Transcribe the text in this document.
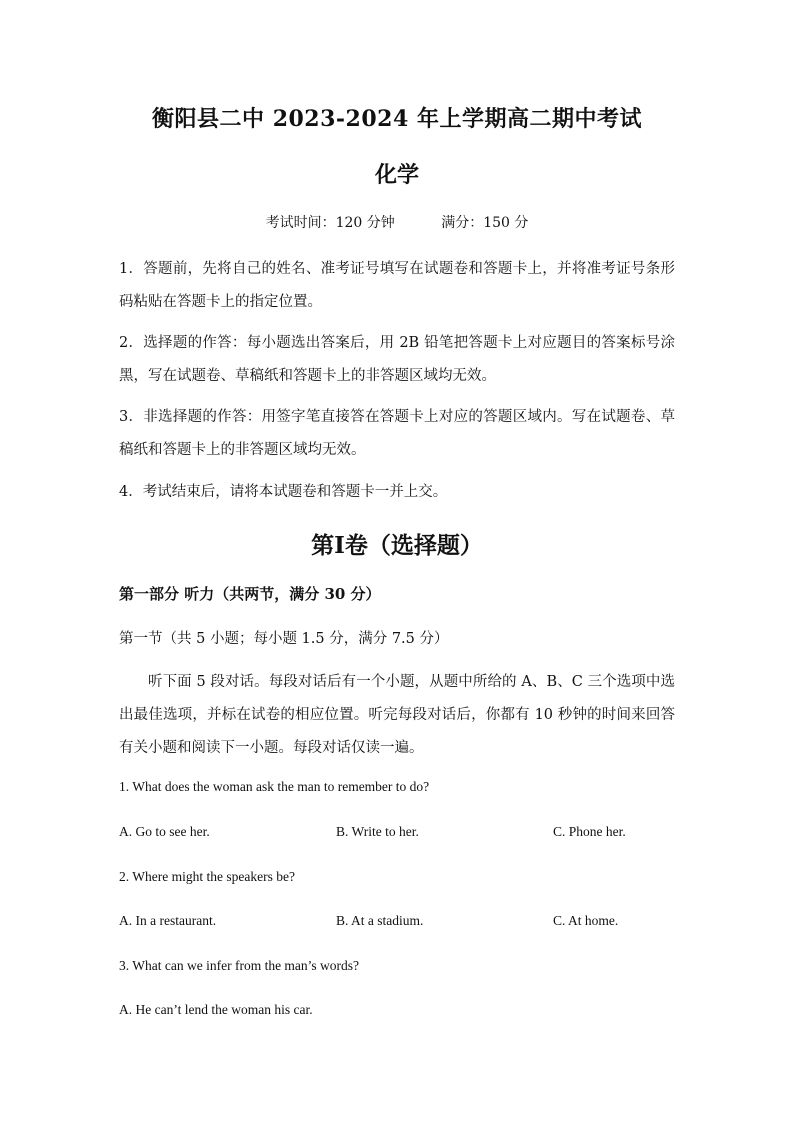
衡阳县二中 2023-2024 年上学期高二期中考试
化学
考试时间：120 分钟	满分：150 分
1．答题前，先将自己的姓名、准考证号填写在试题卷和答题卡上，并将准考证号条形码粘贴在答题卡上的指定位置。
2．选择题的作答：每小题选出答案后，用 2B 铅笔把答题卡上对应题目的答案标号涂黑，写在试题卷、草稿纸和答题卡上的非答题区域均无效。
3．非选择题的作答：用签字笔直接答在答题卡上对应的答题区域内。写在试题卷、草稿纸和答题卡上的非答题区域均无效。
4．考试结束后，请将本试题卷和答题卡一并上交。
第Ⅰ卷（选择题）
第一部分 听力（共两节，满分 30 分）
第一节（共 5 小题；每小题 1.5 分，满分 7.5 分）
听下面 5 段对话。每段对话后有一个小题，从题中所给的 A、B、C 三个选项中选出最佳选项，并标在试卷的相应位置。听完每段对话后，你都有 10 秒钟的时间来回答有关小题和阅读下一小题。每段对话仅读一遍。
1. What does the woman ask the man to remember to do?
A. Go to see her.	B. Write to her.	C. Phone her.
2. Where might the speakers be?
A. In a restaurant.	B. At a stadium.	C. At home.
3. What can we infer from the man’s words?
A. He can’t lend the woman his car.
